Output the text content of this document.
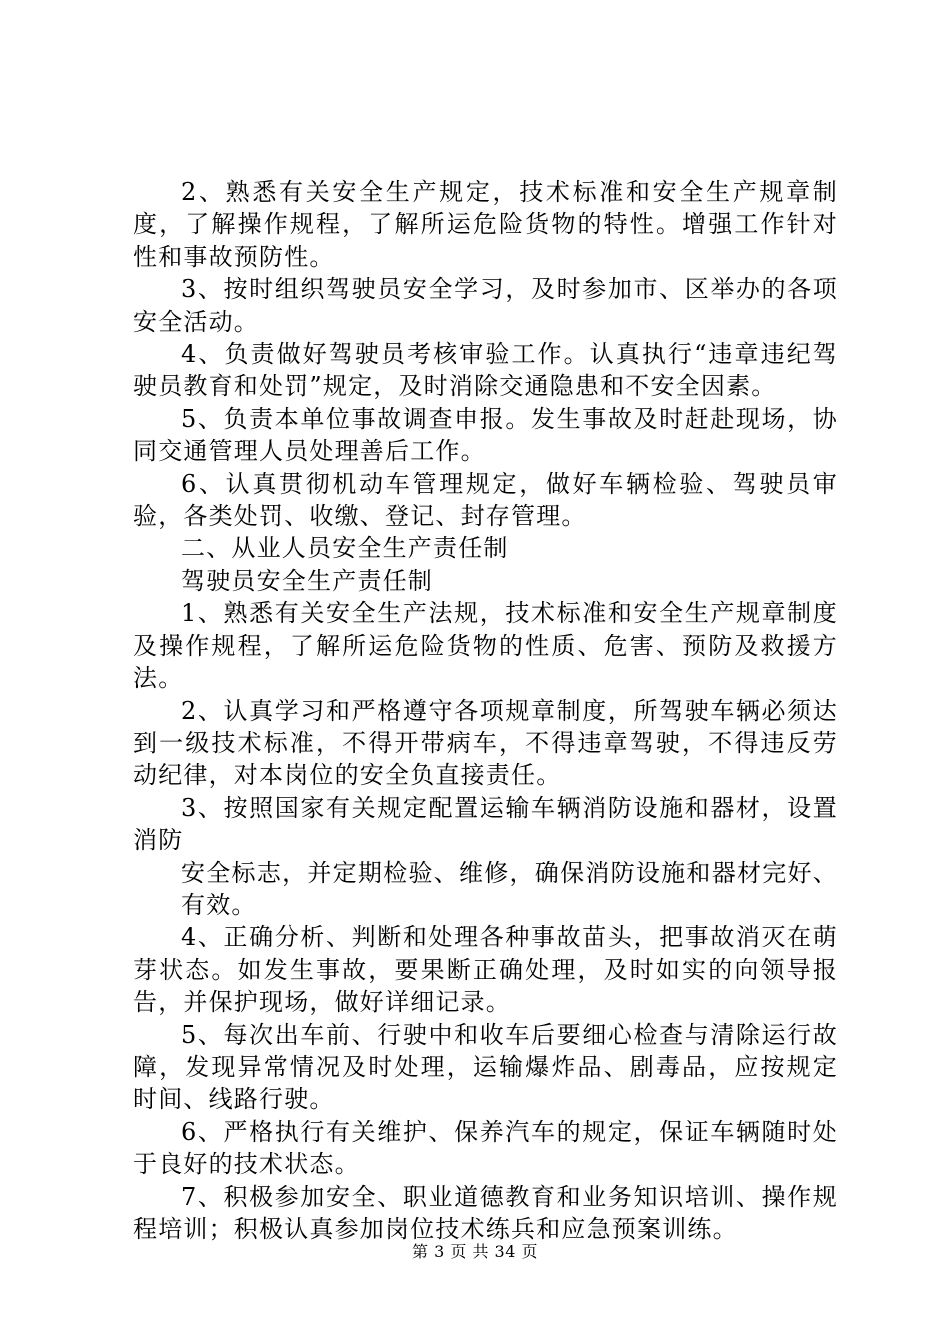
2、熟悉有关安全生产规定，技术标准和安全生产规章制度，了解操作规程，了解所运危险货物的特性。增强工作针对性和事故预防性。

3、按时组织驾驶员安全学习，及时参加市、区举办的各项安全活动。

4、负责做好驾驶员考核审验工作。认真执行“违章违纪驾驶员教育和处罚”规定，及时消除交通隐患和不安全因素。

5、负责本单位事故调查申报。发生事故及时赶赴现场，协同交通管理人员处理善后工作。

6、认真贯彻机动车管理规定，做好车辆检验、驾驶员审验，各类处罚、收缴、登记、封存管理。

二、从业人员安全生产责任制

驾驶员安全生产责任制

1、熟悉有关安全生产法规，技术标准和安全生产规章制度及操作规程，了解所运危险货物的性质、危害、预防及救援方法。

2、认真学习和严格遵守各项规章制度，所驾驶车辆必须达到一级技术标准，不得开带病车，不得违章驾驶，不得违反劳动纪律，对本岗位的安全负直接责任。

3、按照国家有关规定配置运输车辆消防设施和器材，设置消防

安全标志，并定期检验、维修，确保消防设施和器材完好、有效。

4、正确分析、判断和处理各种事故苗头，把事故消灭在萌芽状态。如发生事故，要果断正确处理，及时如实的向领导报告，并保护现场，做好详细记录。

5、每次出车前、行驶中和收车后要细心检查与清除运行故障，发现异常情况及时处理，运输爆炸品、剧毒品，应按规定时间、线路行驶。

6、严格执行有关维护、保养汽车的规定，保证车辆随时处于良好的技术状态。

7、积极参加安全、职业道德教育和业务知识培训、操作规程培训；积极认真参加岗位技术练兵和应急预案训练。

第 3 页 共 34 页
